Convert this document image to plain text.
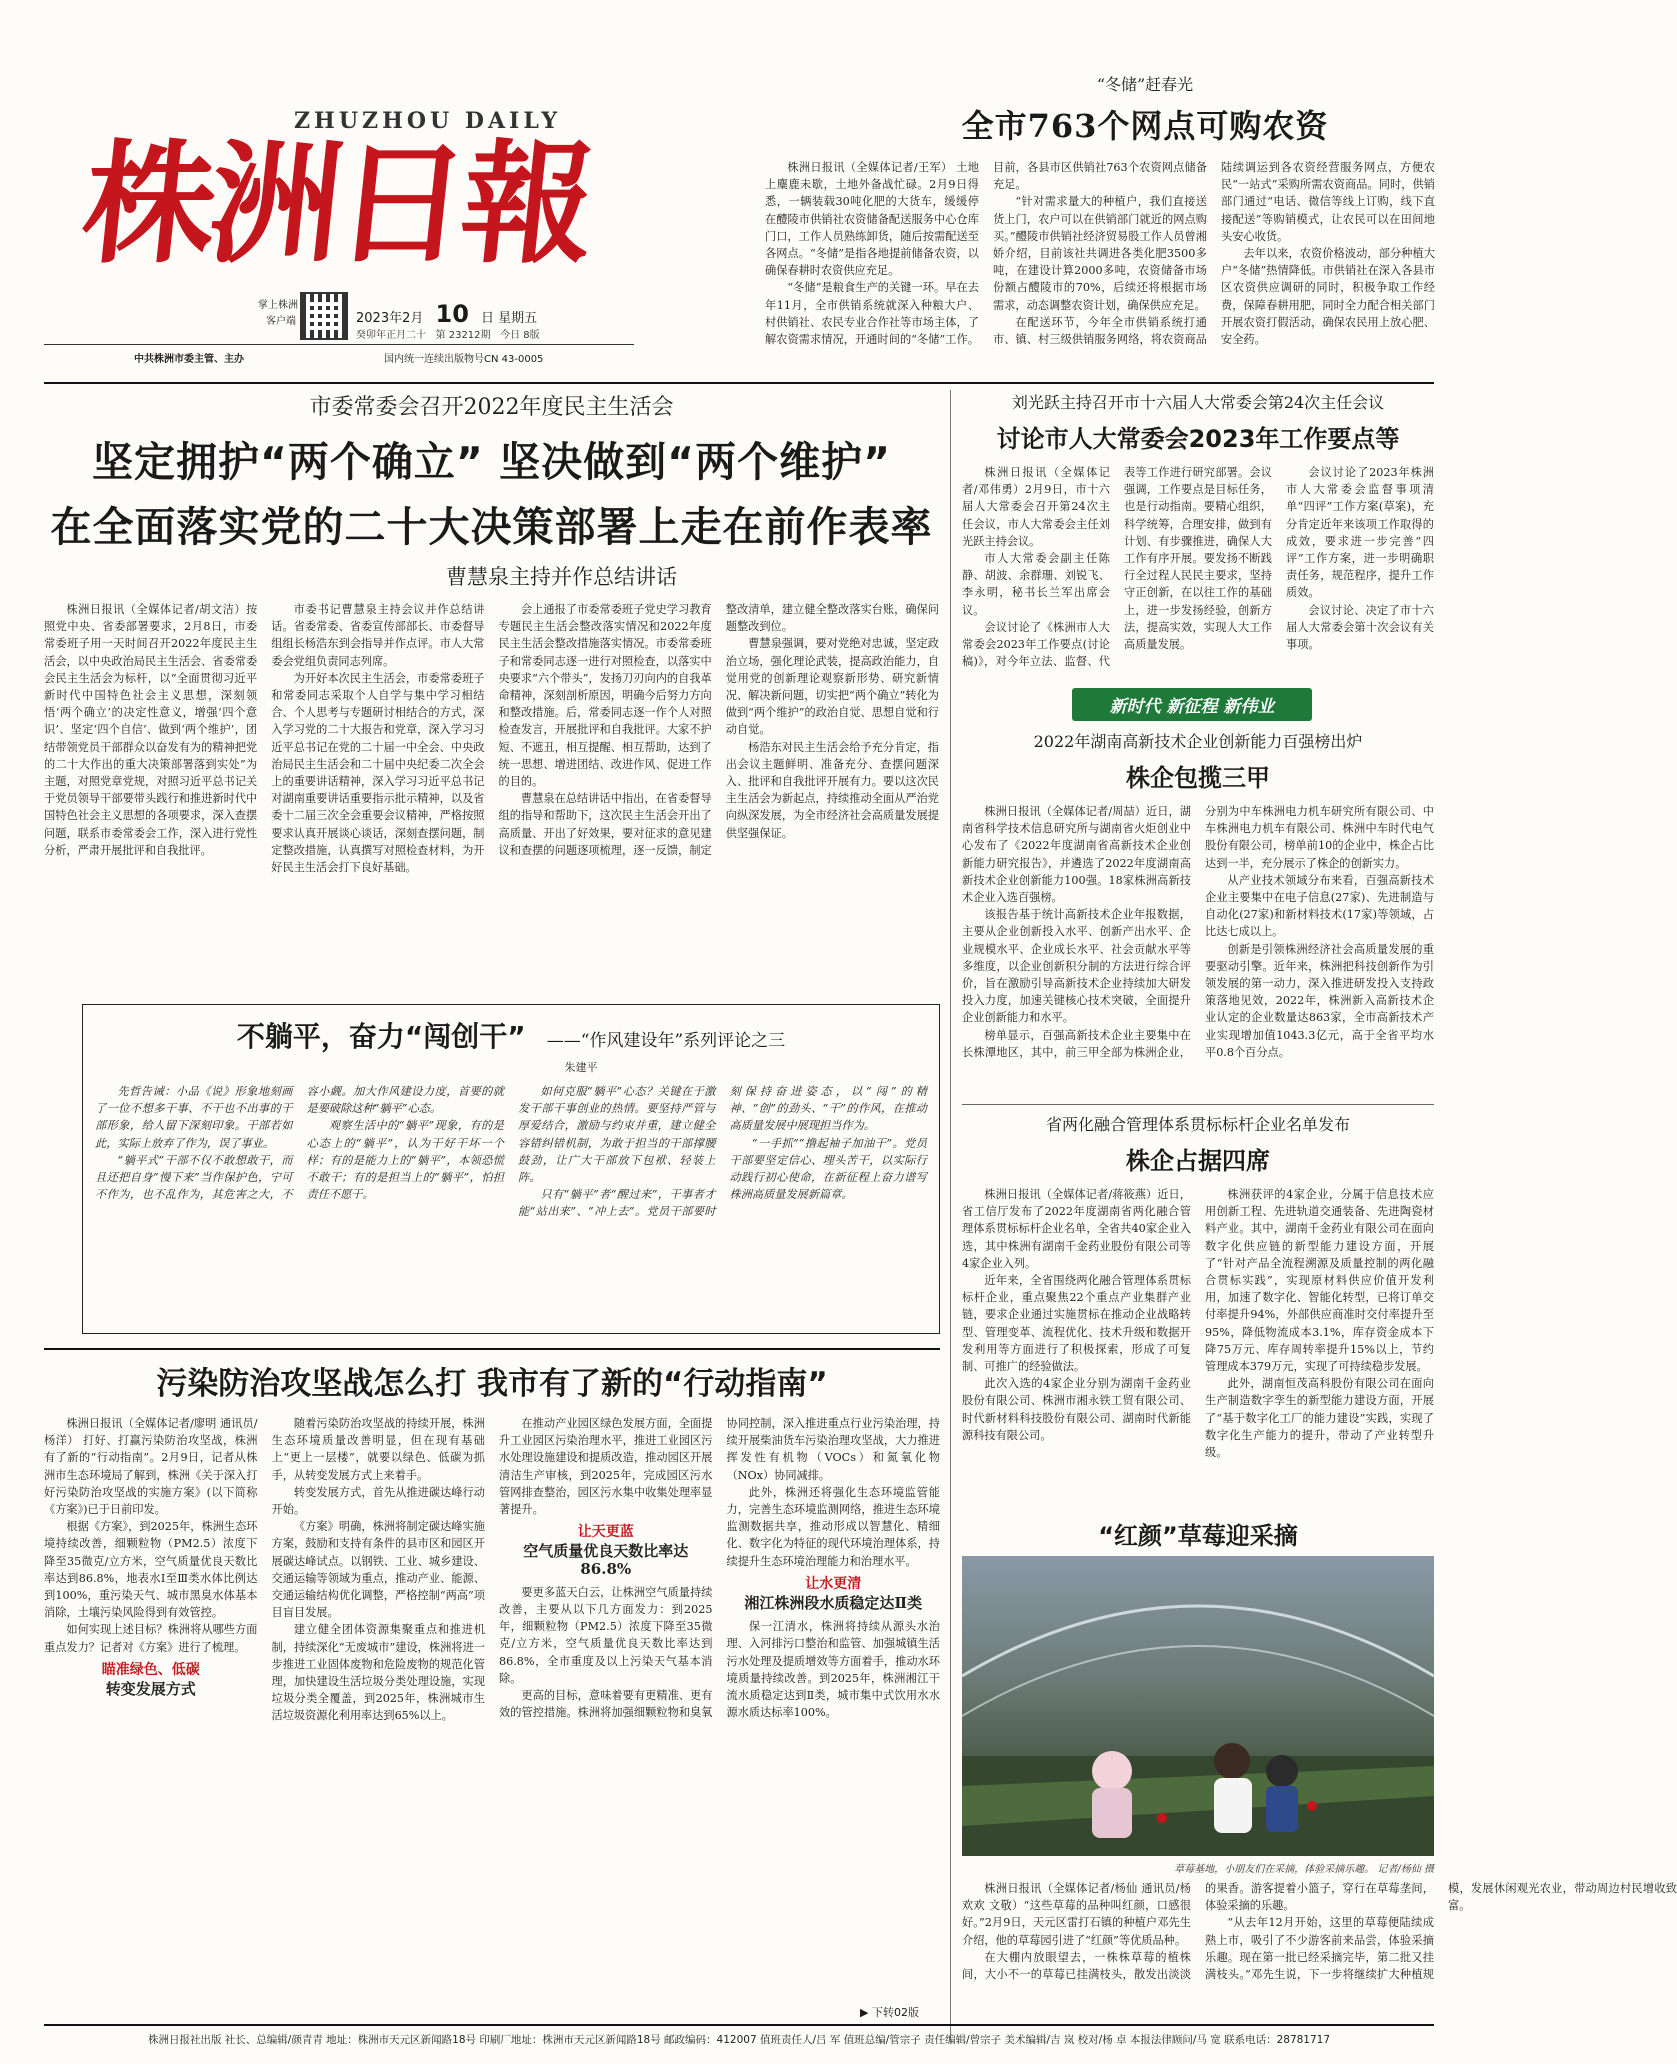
ZHUZHOU DAILY
株洲日報
掌上株洲
客户端	2023年2月 10 日 星期五
癸卯年正月二十 第 23212期 今日 8版
中共株洲市委主管、主办	国内统一连续出版物号CN 43-0005
“冬储”赶春光
全市763个网点可购农资

株洲日报讯（全媒体记者/王军） 土地上麋鹿未歇，土地外备战忙碌。2月9日得悉，一辆装载30吨化肥的大货车，缓缓停在醴陵市供销社农资储备配送服务中心仓库门口，工作人员熟练卸货，随后按需配送至各网点。“冬储”是指各地提前储备农资，以确保春耕时农资供应充足。

“冬储”是粮食生产的关键一环。早在去年11月，全市供销系统就深入种粮大户、村供销社、农民专业合作社等市场主体，了解农资需求情况，开通时间的“冬储”工作。目前，各县市区供销社763个农资网点储备充足。

“针对需求量大的种植户，我们直接送货上门，农户可以在供销部门就近的网点购买。”醴陵市供销社经济贸易股工作人员曾湘娇介绍，目前该社共调进各类化肥3500多吨，在建设计算2000多吨，农资储备市场份额占醴陵市的70%，后续还将根据市场需求，动态调整农资计划，确保供应充足。

在配送环节，今年全市供销系统打通市、镇、村三级供销服务网络，将农资商品陆续调运到各农资经营服务网点，方便农民“一站式”采购所需农资商品。同时，供销部门通过“电话、微信等线上订购，线下直接配送”等购销模式，让农民可以在田间地头安心收货。

去年以来，农资价格波动，部分种植大户“冬储”热情降低。市供销社在深入各县市区农资供应调研的同时，积极争取工作经费，保障春耕用肥，同时全力配合相关部门开展农资打假活动，确保农民用上放心肥、安全药。

市委常委会召开2022年度民主生活会
坚定拥护“两个确立” 坚决做到“两个维护”
在全面落实党的二十大决策部署上走在前作表率
曹慧泉主持并作总结讲话

株洲日报讯（全媒体记者/胡文洁）按照党中央、省委部署要求，2月8日，市委常委班子用一天时间召开2022年度民主生活会，以中央政治局民主生活会、省委常委会民主生活会为标杆，以“全面贯彻习近平新时代中国特色社会主义思想，深刻领悟‘两个确立’的决定性意义，增强‘四个意识’、坚定‘四个自信’、做到‘两个维护’，团结带领党员干部群众以奋发有为的精神把党的二十大作出的重大决策部署落到实处”为主题，对照党章党规，对照习近平总书记关于党员领导干部要带头践行和推进新时代中国特色社会主义思想的各项要求，深入查摆问题，联系市委常委会工作，深入进行党性分析，严肃开展批评和自我批评。

市委书记曹慧泉主持会议并作总结讲话。省委常委、省委宣传部部长、市委督导组组长杨浩东到会指导并作点评。市人大常委会党组负责同志列席。

为开好本次民主生活会，市委常委班子和常委同志采取个人自学与集中学习相结合、个人思考与专题研讨相结合的方式，深入学习党的二十大报告和党章，深入学习习近平总书记在党的二十届一中全会、中央政治局民主生活会和二十届中央纪委二次全会上的重要讲话精神，深入学习习近平总书记对湖南重要讲话重要指示批示精神，以及省委十二届三次全会重要会议精神，严格按照要求认真开展谈心谈话，深刻查摆问题，制定整改措施，认真撰写对照检查材料，为开好民主生活会打下良好基础。

会上通报了市委常委班子党史学习教育专题民主生活会整改落实情况和2022年度民主生活会整改措施落实情况。市委常委班子和常委同志逐一进行对照检查，以落实中央要求“六个带头”，发扬刀刃向内的自我革命精神，深刻剖析原因，明确今后努力方向和整改措施。后，常委同志逐一作个人对照检查发言，开展批评和自我批评。大家不护短、不遮丑，相互提醒、相互帮助，达到了统一思想、增进团结、改进作风、促进工作的目的。

曹慧泉在总结讲话中指出，在省委督导组的指导和帮助下，这次民主生活会开出了高质量、开出了好效果，要对征求的意见建议和查摆的问题逐项梳理，逐一反馈，制定整改清单，建立健全整改落实台账，确保问题整改到位。

曹慧泉强调，要对党绝对忠诚，坚定政治立场，强化理论武装，提高政治能力，自觉用党的创新理论观察新形势、研究新情况、解决新问题，切实把“两个确立”转化为做到“两个维护”的政治自觉、思想自觉和行动自觉。

杨浩东对民主生活会给予充分肯定，指出会议主题鲜明、准备充分、查摆问题深入、批评和自我批评开展有力。要以这次民主生活会为新起点，持续推动全面从严治党向纵深发展，为全市经济社会高质量发展提供坚强保证。

刘光跃主持召开市十六届人大常委会第24次主任会议
讨论市人大常委会2023年工作要点等

株洲日报讯（全媒体记者/邓伟勇）2月9日，市十六届人大常委会召开第24次主任会议，市人大常委会主任刘光跃主持会议。

市人大常委会副主任陈静、胡波、余群珊、刘锐飞、李永明，秘书长兰军出席会议。

会议讨论了《株洲市人大常委会2023年工作要点(讨论稿)》，对今年立法、监督、代表等工作进行研究部署。会议强调，工作要点是目标任务，也是行动指南。要精心组织，科学统筹，合理安排，做到有计划、有步骤推进，确保人大工作有序开展。要发扬不断践行全过程人民民主要求，坚持守正创新，在以往工作的基础上，进一步发扬经验，创新方法，提高实效，实现人大工作高质量发展。

会议讨论了2023年株洲市人大常委会监督事项清单“四评”工作方案(草案)，充分肯定近年来该项工作取得的成效，要求进一步完善“四评”工作方案，进一步明确职责任务，规范程序，提升工作质效。

会议讨论、决定了市十六届人大常委会第十次会议有关事项。

新时代 新征程 新伟业
2022年湖南高新技术企业创新能力百强榜出炉
株企包揽三甲

株洲日报讯（全媒体记者/周喆）近日，湖南省科学技术信息研究所与湖南省火炬创业中心发布了《2022年度湖南省高新技术企业创新能力研究报告》，并遴选了2022年度湖南高新技术企业创新能力100强。18家株洲高新技术企业入选百强榜。

该报告基于统计高新技术企业年报数据，主要从企业创新投入水平、创新产出水平、企业规模水平、企业成长水平、社会贡献水平等多维度，以企业创新积分制的方法进行综合评价，旨在激励引导高新技术企业持续加大研发投入力度，加速关键核心技术突破，全面提升企业创新能力和水平。

榜单显示，百强高新技术企业主要集中在长株潭地区，其中，前三甲全部为株洲企业，分别为中车株洲电力机车研究所有限公司、中车株洲电力机车有限公司、株洲中车时代电气股份有限公司，榜单前10的企业中，株企占比达到一半，充分展示了株企的创新实力。

从产业技术领域分布来看，百强高新技术企业主要集中在电子信息(27家)、先进制造与自动化(27家)和新材料技术(17家)等领域，占比达七成以上。

创新是引领株洲经济社会高质量发展的重要驱动引擎。近年来，株洲把科技创新作为引领发展的第一动力，深入推进研发投入支持政策落地见效，2022年，株洲新入高新技术企业认定的企业数量达863家，全市高新技术产业实现增加值1043.3亿元，高于全省平均水平0.8个百分点。

省两化融合管理体系贯标标杆企业名单发布
株企占据四席

株洲日报讯（全媒体记者/蒋筱燕）近日，省工信厅发布了2022年度湖南省两化融合管理体系贯标标杆企业名单，全省共40家企业入选，其中株洲有湖南千金药业股份有限公司等4家企业入列。

近年来，全省围绕两化融合管理体系贯标标杆企业，重点聚焦22个重点产业集群产业链，要求企业通过实施贯标在推动企业战略转型、管理变革、流程优化、技术升级和数据开发利用等方面进行了积极探索，形成了可复制、可推广的经验做法。

此次入选的4家企业分别为湖南千金药业股份有限公司、株洲市湘永铁工贸有限公司、时代新材料科技股份有限公司、湖南时代新能源科技有限公司。

株洲获评的4家企业，分属于信息技术应用创新工程、先进轨道交通装备、先进陶瓷材料产业。其中，湖南千金药业有限公司在面向数字化供应链的新型能力建设方面，开展了“针对产品全流程溯源及质量控制的两化融合贯标实践”，实现原材料供应价值开发利用，加速了数字化、智能化转型，已将订单交付率提升94%，外部供应商准时交付率提升至95%，降低物流成本3.1%，库存资金成本下降75万元、库存周转率提升15%以上，节约管理成本379万元，实现了可持续稳步发展。

此外，湖南恒茂高科股份有限公司在面向生产制造数字孪生的新型能力建设方面，开展了“基于数字化工厂的能力建设”实践，实现了数字化生产能力的提升，带动了产业转型升级。

不躺平，奋力“闯创干” ——“作风建设年”系列评论之三
朱建平

先哲告诫：小品《说》形象地刻画了一位不想多干事、不干也不出事的干部形象，给人留下深刻印象。干部若如此，实际上放弃了作为，误了事业。

“躺平式”干部不仅不敢想敢干，而且还把自身“慢下来”当作保护色，宁可不作为，也不乱作为，其危害之大，不容小觑。加大作风建设力度，首要的就是要破除这种“躺平”心态。

观察生活中的“躺平”现象，有的是心态上的“躺平”，认为干好干坏一个样；有的是能力上的“躺平”，本领恐慌不敢干；有的是担当上的“躺平”，怕担责任不愿干。

如何克服“躺平”心态？关键在于激发干部干事创业的热情。要坚持严管与厚爱结合，激励与约束并重，建立健全容错纠错机制，为敢于担当的干部撑腰鼓劲，让广大干部放下包袱、轻装上阵。

只有“躺平”者“醒过来”，干事者才能“站出来”、“冲上去”。党员干部要时刻保持奋进姿态，以“闯”的精神、“创”的劲头、“干”的作风，在推动高质量发展中展现担当作为。

“一手抓”“撸起袖子加油干”。党员干部要坚定信心、埋头苦干，以实际行动践行初心使命，在新征程上奋力谱写株洲高质量发展新篇章。

污染防治攻坚战怎么打 我市有了新的“行动指南”

株洲日报讯（全媒体记者/廖明 通讯员/杨洋） 打好、打赢污染防治攻坚战，株洲有了新的“行动指南”。2月9日，记者从株洲市生态环境局了解到，株洲《关于深入打好污染防治攻坚战的实施方案》(以下简称《方案》)已于日前印发。

根据《方案》，到2025年，株洲生态环境持续改善，细颗粒物（PM2.5）浓度下降至35微克/立方米，空气质量优良天数比率达到86.8%，地表水Ⅰ至Ⅲ类水体比例达到100%，重污染天气、城市黑臭水体基本消除，土壤污染风险得到有效管控。

如何实现上述目标？株洲将从哪些方面重点发力？记者对《方案》进行了梳理。

瞄准绿色、低碳
转变发展方式

随着污染防治攻坚战的持续开展，株洲生态环境质量改善明显，但在现有基础上“更上一层楼”，就要以绿色、低碳为抓手，从转变发展方式上来着手。

转变发展方式，首先从推进碳达峰行动开始。

《方案》明确，株洲将制定碳达峰实施方案，鼓励和支持有条件的县市区和园区开展碳达峰试点。以钢铁、工业、城乡建设、交通运输等领域为重点，推动产业、能源、交通运输结构优化调整，严格控制“两高”项目盲目发展。

建立健全团体资源集聚重点和推进机制，持续深化“无废城市”建设，株洲将进一步推进工业固体废物和危险废物的规范化管理，加快建设生活垃圾分类处理设施，实现垃圾分类全覆盖，到2025年，株洲城市生活垃圾资源化利用率达到65%以上。

在推动产业园区绿色发展方面，全面提升工业园区污染治理水平，推进工业园区污水处理设施建设和提质改造，推动园区开展清洁生产审核，到2025年，完成园区污水管网排查整治，园区污水集中收集处理率显著提升。

让天更蓝
空气质量优良天数比率达86.8%

要更多蓝天白云，让株洲空气质量持续改善，主要从以下几方面发力：到2025年，细颗粒物（PM2.5）浓度下降至35微克/立方米，空气质量优良天数比率达到86.8%，全市重度及以上污染天气基本消除。

更高的目标，意味着要有更精准、更有效的管控措施。株洲将加强细颗粒物和臭氧协同控制，深入推进重点行业污染治理，持续开展柴油货车污染治理攻坚战，大力推进挥发性有机物（VOCs）和氮氧化物（NOx）协同减排。

此外，株洲还将强化生态环境监管能力，完善生态环境监测网络，推进生态环境监测数据共享，推动形成以智慧化、精细化、数字化为特征的现代环境治理体系，持续提升生态环境治理能力和治理水平。

让水更清
湘江株洲段水质稳定达Ⅱ类

保一江清水，株洲将持续从源头水治理、入河排污口整治和监管、加强城镇生活污水处理及提质增效等方面着手，推动水环境质量持续改善。到2025年，株洲湘江干流水质稳定达到Ⅱ类，城市集中式饮用水水源水质达标率100%。

“红颜”草莓迎采摘
草莓基地，小朋友们在采摘，体验采摘乐趣。 记者/杨仙 摄

株洲日报讯（全媒体记者/杨仙 通讯员/杨欢欢 文敬）“这些草莓的品种叫红颜，口感很好。”2月9日，天元区雷打石镇的种植户邓先生介绍，他的草莓园引进了“红颜”等优质品种。

在大棚内放眼望去，一株株草莓的植株间，大小不一的草莓已挂满枝头，散发出淡淡的果香。游客提着小篮子，穿行在草莓垄间，体验采摘的乐趣。

“从去年12月开始，这里的草莓便陆续成熟上市，吸引了不少游客前来品尝，体验采摘乐趣。现在第一批已经采摘完毕，第二批又挂满枝头。”邓先生说，下一步将继续扩大种植规模，发展休闲观光农业，带动周边村民增收致富。

▶ 下转02版
株洲日报社出版 社长、总编辑/颜青青 地址：株洲市天元区新闻路18号 印刷厂地址：株洲市天元区新闻路18号 邮政编码：412007 值班责任人/吕 军 值班总编/管宗子 责任编辑/曾宗子 美术编辑/吉 岚 校对/杨 卓 本报法律顾问/马 宽 联系电话：28781717
